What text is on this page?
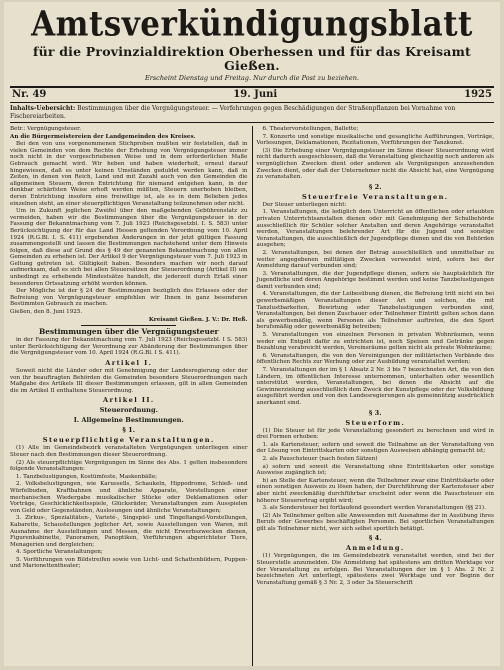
Amtsverkündigungsblatt
für die Provinzialdirektion Oberhessen und für das Kreisamt Gießen.
Erscheint Dienstag und Freitag. Nur durch die Post zu beziehen.
Nr. 49	19. Juni	1925
Inhalts-Uebersicht: Bestimmungen über die Vergnügungsteuer. — Verfehrungen gegen Beschädigungen der Straßenpflanzen bei Vornahme von Fischereiarbeiten.

Betr.: Vergnügungsteuer.

An die Bürgermeistereien der Landgemeinden des Kreises.

Bei den von uns vorgenommenen Stichproben mußten wir feststellen, daß in vielen Gemeinden von dem Rechte der Erhebung von Vergnügungsteuer immer noch nicht in der vorgeschriebenen Weise und in dem erforderlichen Maße Gebrauch gemacht wird. Wir heben und haben wiederholt, erneut darauf hingewiesen, daß es unter keinen Umständen geduldet werden kann, daß in Zeiten, in denen von Reich, Land und mit Zuzahl auch von den Gemeinden die allgemeinen Steuern, deren Entrichtung für niemand entgehen kann, in der denkbar schärfsten Weise erhoft werden müßten, Steuern unerhoben bleiben, deren Entrichtung insofern eine freiwillige ist, als es in dem Belieben jedes einzelnen steht, an einer steuerpflichtigen Veranstaltung teilzunehmen oder nicht.

Um in Zukunft jeglichen Zweifel über den maßgebenden Gebührenstatz zu vermeiden, haben wir die Bestimmungen über die Vergnügungsteuer in der Fassung der Bekanntmachung vom 7. Juli 1923 (Reichsgesetzbl. I. S. 583) unter Berücksichtigung der für das Land Hessen geltenden Verordnung vom 10. April 1924 (R.G.Bl. I. S. 411) ergebenden Änderungen in der jetzt gültigen Fassung zusammengestellt und lassen die Bestimmungen nachstehend unter dem Hinweis folgen, daß diese auf Grund des § 49 der genannten Bekanntmachung von allen Gemeinden zu erheben ist. Der Artikel 9 der Vergnügungsteuer vom 7. Juli 1923 in Geltung getreten ist. Gültigkeit haben. Besonders machen wir noch darauf aufmerksam, daß es sich bei allen Steuersätzen der Steuerordnung (Artikel II) um unbedingt zu erhebende Mindestsätze handelt, die jederzeit durch Erlaß einer besonderen Ortssatzung erhöht werden können.

Der Mögliche ist der § 24 der Bestimmungen bezüglich des Erlasses oder der Befreiung von Vergnügungsteuer empfehlen wir Ihnen in ganz besonderen Bestimmten Gebrauch zu machen.

Gießen, den 8. Juni 1925.

Kreisamt Gießen. J. V.: Dr. Heß.

Bestimmungen über die Vergnügungsteuer

in der Fassung der Bekanntmachung vom 7. Juli 1923 (Reichsgesetzbl. I S. 583) unter Berücksichtigung der Verordnung zur Abänderung der Bestimmungen über die Vergnügungsteuer vom 10. April 1924 (R.G.Bl. I S. 411).

Artikel I.

Soweit nicht die Länder oder mit Genehmigung der Landesregierung oder der von ihr beauftragten Behörden die Gemeinden besondere Steuerordnungen nach Maßgabe des Artikels III dieser Bestimmungen erlassen, gilt in allen Gemeinden die im Artikel II enthaltene Steuerordnung.

Artikel II.
Steuerordnung.
I. Allgemeine Bestimmungen.
§ 1.
Steuerpflichtige Veranstaltungen.

(1) Alle im Gemeindebezirk veranstalteten Vergnügungen unterliegen einer Steuer nach den Bestimmungen dieser Steuerordnung.

(2) Als steuerpflichtige Vergnügungen im Sinne des Abs. 1 gelten insbesondere folgende Veranstaltungen:

1. Tanzbelustigungen, Kostümfeste, Maskenbälle;

2. Volksbelustigungen, wie Karussells, Schaukeln, Hippodrome, Schieß- und Würfelbuden, Kraftbahnen und ähnliche Apparate, Vorstellungen einer mechanischen Wiedergabe musikalischer Stücke oder Deklamationen oder Vorträge, Geschicklichkeitsspiele, Glücksräder, Veranstaltungen zum Ausspielen von Geld oder Gegenständen, Auslosungen und ähnliche Veranstaltungen;

3. Zirkus-, Spezialitäten-, Varieté-, Singspiel- und Tingeltangel-Vorstellungen, Kabarette, Schaustellungen jeglicher Art, sowie Ausstellungen von Waren, mit Ausnahme der Ausstellungen und Messen, die nicht Erwerbszwecken dienen, Figurenkabinette, Panoramen, Panoptiken, Vorführungen abgerichteter Tiere, Menagerien und dergleichen;

4. Sportliche Veranstaltungen;

5. Vorführungen von Bildstreifen sowie von Licht- und Schattenbildern, Puppen- und Marionettentheater;

6. Theatervorstellungen, Ballette;

7. Konzerte und sonstige musikalische und gesangliche Aufführungen, Vorträge, Vorlesungen, Deklamationen, Rezitationen, Vorführungen der Tanzkunst.

(3) Die Erhebung einer Vergnügungsteuer im Sinne dieser Steuerordnung wird nicht dadurch ausgeschlossen, daß die Veranstaltung gleichzeitig noch anderen als vergnüglichen Zwecken dient oder anderen als Vergnügungen anzusehenden Zwecken dient, oder daß der Unternehmer nicht die Absicht hat, eine Vergnügung zu veranstalten.

§ 2.
Steuerfreie Veranstaltungen.

Der Steuer unterliegen nicht:

1. Veranstaltungen, die lediglich dem Unterricht an öffentlichen oder erlaubten privaten Unterrichtsanstalten dienen oder mit Genehmigung der Schulbehörde ausschließlich für Schüler solcher Anstalten und deren Angehörige veranstaltet werden, Veranstaltungen belehrender Art für die Jugend und sonstige Veranstaltungen, die ausschließlich der Jugendpflege dienen und die von Behörden ausgehen;

2. Veranstaltungen, bei denen der Betrag ausschließlich und unmittelbar zu weiter angegebenen milltätigen Zwecken verwendet wird, sofern bei der Anmeldung darauf verbunden sind;

3. Veranstaltungen, die der Jugendpflege dienen, sofern sie hauptsächlich für Jugendliche und deren Angehörige bestimmt werden und keine Tanzbelustigungen damit verbunden sind;

4. Veranstaltungen, die der Leibesübung dienen, die Befreiung tritt nicht ein bei gewerbsmäßigen Veranstaltungen dieser Art und solchen, die mit Tanzlustbarkeiten, Bewirtung oder Tanzbelustigungen verbunden sind, Veranstaltungen, bei denen Zuschauer oder Teilnehmer Eintritt gelten schon dann als gewerbsmäßig, wenn Personen als Teilnehmer auftreten, die den Sport berufsmäßig oder gewerbsmäßig betreiben;

5. Veranstaltungen von einzelnen Personen in privaten Wohnräumen, wenn weder ein Entgelt dafür zu entrichten ist, noch Speisen und Getränke gegen Bezahlung verabreicht werden, Vereinsräume gelten nicht als private Wohnräume;

6. Veranstaltungen, die von den Vereinigungen der militärischen Verbände des öffentlichen Rechts zur Werbung oder zur Ausbildung veranstaltet werden;

7. Veranstaltungen der im § 1 Absatz 2 Nr. 3 bis 7 bezeichneten Art, die von den Ländern, im öffentlichen Interesse unternommen, unterhalten oder wesentlich unterstützt werden, Veranstaltungen, bei denen die Absicht auf die Gewinnerzielung ausschließlich dem Zweck der Kunstpflege oder der Volksbildung ausgeführt werden und von den Landesregierungen als gemeinnützig ausdrücklich anerkannt sind.

§ 3.
Steuerform.

(1) Die Steuer ist für jede Veranstaltung gesondert zu berechnen und wird in drei Formen erhoben:

1. als Kartensteuer, sofern und soweit die Teilnahme an der Veranstaltung von der Lösung von Eintrittskarten oder sonstigen Ausweisen abhängig gemacht ist;

2. als Pauschsteuer (nach festen Sätzen)

a) sofern und soweit die Veranstaltung ohne Eintrittskarten oder sonstige Ausweise zugänglich ist;

b) an Stelle der Kartensteuer, wenn die Teilnehmer zwar eine Eintrittskarte oder einen sonstigen Ausweis zu lösen haben, der Durchführung der Kartensteuer aber aber nicht zweckmäßig durchführbar erscheint oder wenn die Pauschsteuer ein höherer Steuerertrag ergibt wird;

3. als Sondersteuer bei fortlaufend gesondert werden Veranstaltungen (§§ 21).

(2) Als Teilnehmer gelten alle Anwesenden mit Ausnahme der in Ausübung ihres Berufs oder Gewerbes beschäftigten Personen. Bei sportlichen Veranstaltungen gilt als Teilnehmer nicht, wer sich selbst sportlich betätigt.

§ 4.
Anmeldung.

(1) Vergnügungen, die im Gemeindebezirk veranstaltet werden, sind bei der Steuerstelle anzumelden. Die Anmeldung hat spätestens am dritten Werktage vor der Veranstaltung zu erfolgen. Bei Veranstaltungen der im § 1 Abs. 2 Nr. 2 bezeichneten Art unterliegt, spätestens zwei Werktage und vor Beginn der Veranstaltung gemäß § 3 Nr. 2, 3 oder 3a Steuerschrift
